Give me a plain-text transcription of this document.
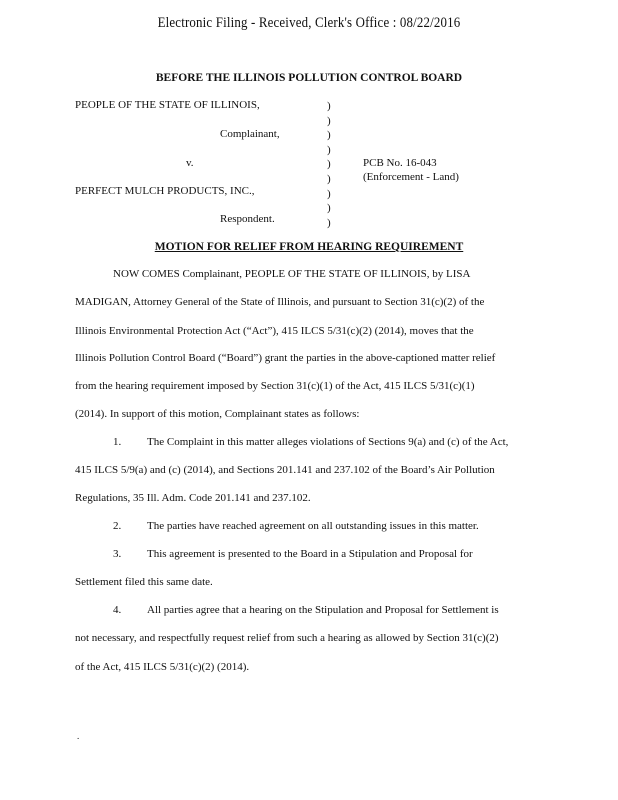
Electronic Filing - Received, Clerk's Office : 08/22/2016
BEFORE THE ILLINOIS POLLUTION CONTROL BOARD
PEOPLE OF THE STATE OF ILLINOIS,
Complainant,
v.
PERFECT MULCH PRODUCTS, INC.,
Respondent.
)
)
)
)
)
)
)
)
)
PCB No. 16-043
(Enforcement - Land)
MOTION FOR RELIEF FROM HEARING REQUIREMENT
NOW COMES Complainant, PEOPLE OF THE STATE OF ILLINOIS, by LISA
MADIGAN, Attorney General of the State of Illinois, and pursuant to Section 31(c)(2) of the
Illinois Environmental Protection Act (“Act”), 415 ILCS 5/31(c)(2) (2014), moves that the
Illinois Pollution Control Board (“Board”) grant the parties in the above-captioned matter relief
from the hearing requirement imposed by Section 31(c)(1) of the Act, 415 ILCS 5/31(c)(1)
(2014). In support of this motion, Complainant states as follows:
1. The Complaint in this matter alleges violations of Sections 9(a) and (c) of the Act,
415 ILCS 5/9(a) and (c) (2014), and Sections 201.141 and 237.102 of the Board’s Air Pollution
Regulations, 35 Ill. Adm. Code 201.141 and 237.102.
2. The parties have reached agreement on all outstanding issues in this matter.
3. This agreement is presented to the Board in a Stipulation and Proposal for
Settlement filed this same date.
4. All parties agree that a hearing on the Stipulation and Proposal for Settlement is
not necessary, and respectfully request relief from such a hearing as allowed by Section 31(c)(2)
of the Act, 415 ILCS 5/31(c)(2) (2014).
.
